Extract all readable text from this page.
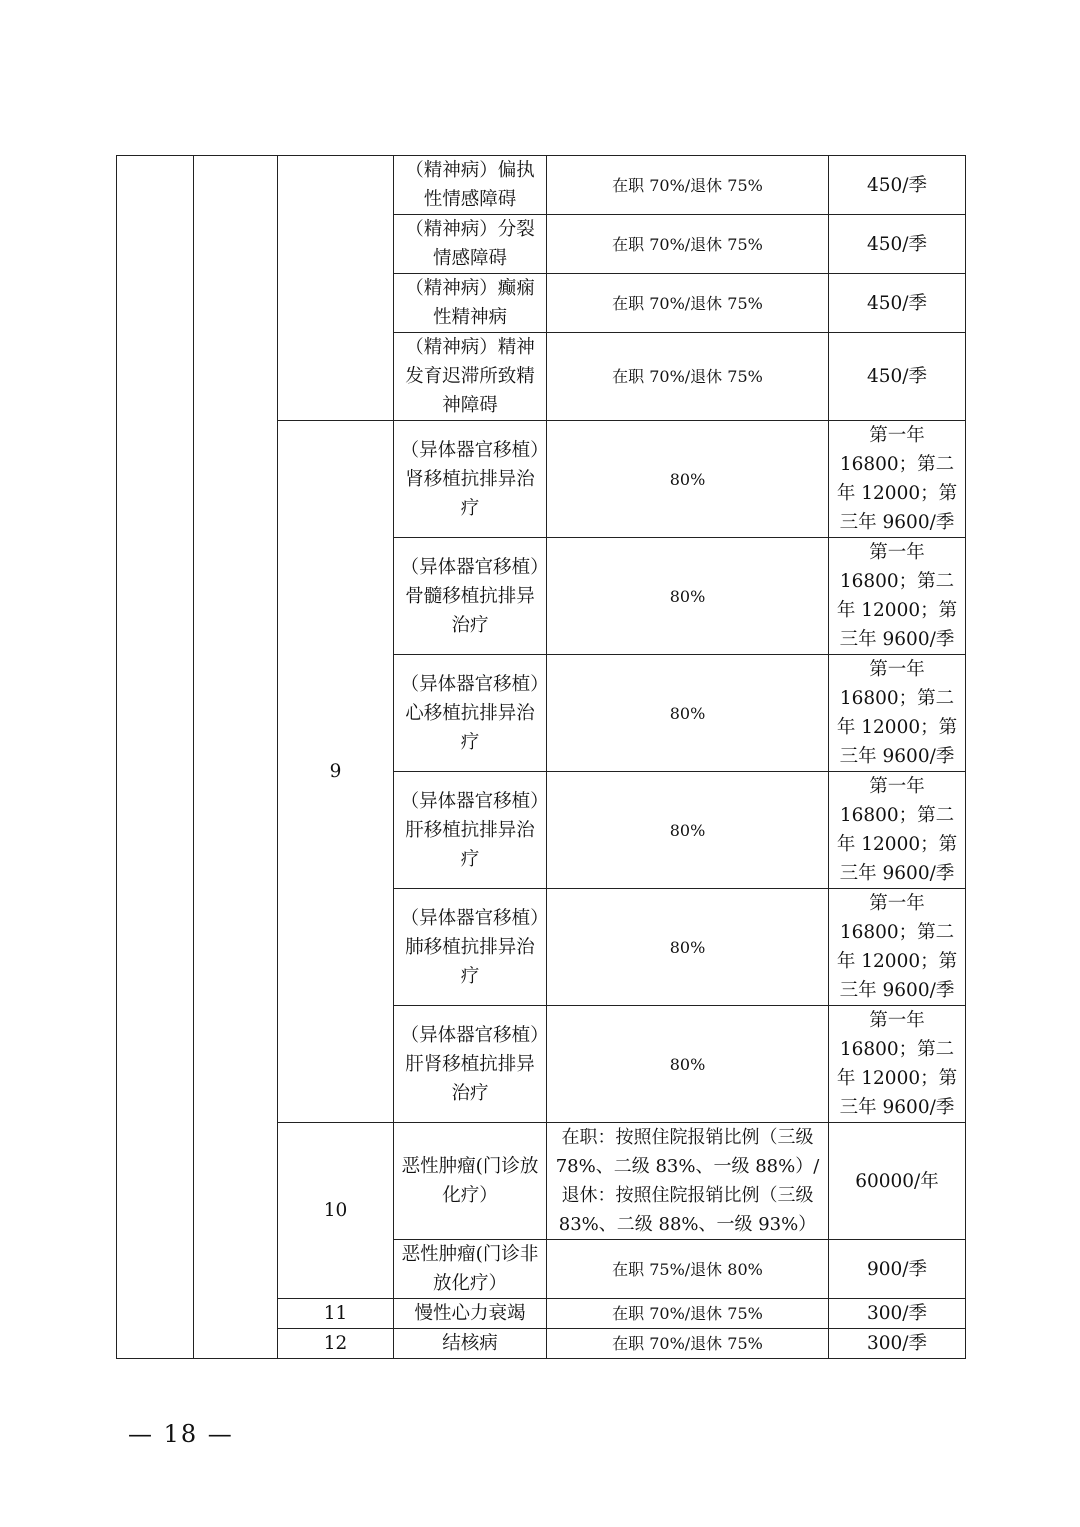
			（精神病）偏执性情感障碍	在职 70%/退休 75%	450/季
			（精神病）分裂情感障碍	在职 70%/退休 75%	450/季
			（精神病）癫痫性精神病	在职 70%/退休 75%	450/季
			（精神病）精神发育迟滞所致精神障碍	在职 70%/退休 75%	450/季
		9	（异体器官移植）肾移植抗排异治疗	80%	第一年16800；第二年 12000；第三年 9600/季
			（异体器官移植）骨髓移植抗排异治疗	80%	第一年16800；第二年 12000；第三年 9600/季
			（异体器官移植）心移植抗排异治疗	80%	第一年16800；第二年 12000；第三年 9600/季
			（异体器官移植）肝移植抗排异治疗	80%	第一年16800；第二年 12000；第三年 9600/季
			（异体器官移植）肺移植抗排异治疗	80%	第一年16800；第二年 12000；第三年 9600/季
			（异体器官移植）肝肾移植抗排异治疗	80%	第一年16800；第二年 12000；第三年 9600/季
		10	恶性肿瘤(门诊放化疗）	在职：按照住院报销比例（三级 78%、二级 83%、一级 88%）/退休：按照住院报销比例（三级 83%、二级 88%、一级 93%）	60000/年
			恶性肿瘤(门诊非放化疗）	在职 75%/退休 80%	900/季
		11	慢性心力衰竭	在职 70%/退休 75%	300/季
		12	结核病	在职 70%/退休 75%	300/季
— 18 —
